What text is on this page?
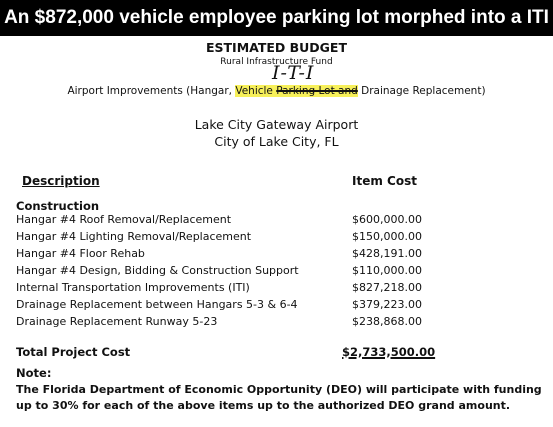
An $872,000 vehicle employee parking lot morphed into a ITI
ESTIMATED BUDGET
Rural Infrastructure Fund
Airport Improvements (Hangar, Vehicle Parking Lot and Drainage Replacement)
I-T-I
Lake City Gateway Airport
City of Lake City, FL
Description	Item Cost
Construction
Hangar #4 Roof Removal/Replacement	$600,000.00
Hangar #4 Lighting Removal/Replacement	$150,000.00
Hangar #4 Floor Rehab	$428,191.00
Hangar #4 Design, Bidding & Construction Support	$110,000.00
Internal Transportation Improvements (ITI)	$827,218.00
Drainage Replacement between Hangars 5-3 & 6-4	$379,223.00
Drainage Replacement Runway 5-23	$238,868.00
Total Project Cost	$2,733,500.00
Note:
The Florida Department of Economic Opportunity (DEO) will participate with funding up to 30% for each of the above items up to the authorized DEO grand amount.
